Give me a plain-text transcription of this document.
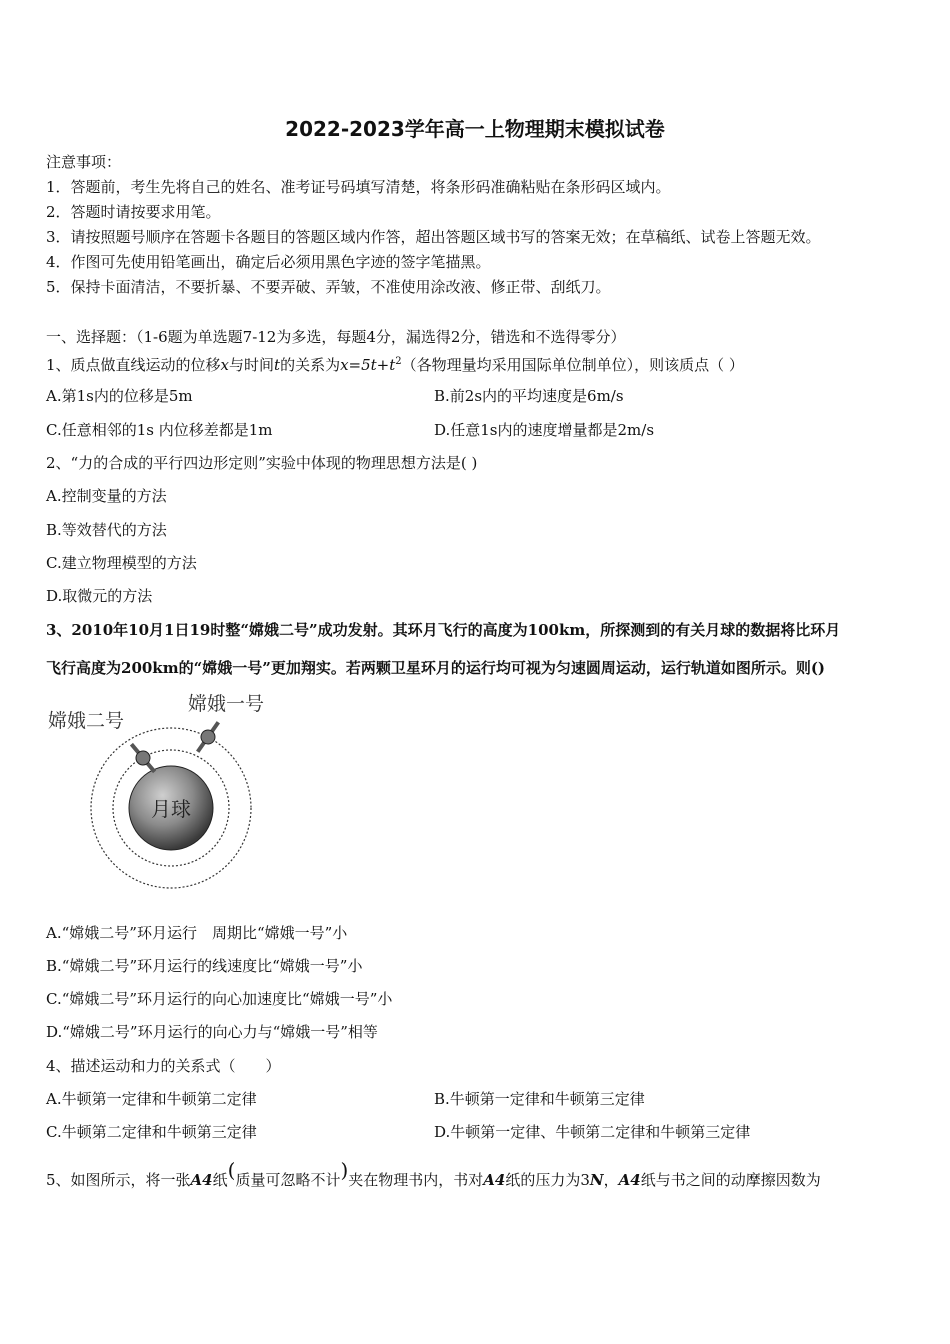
2022-2023学年高一上物理期末模拟试卷
注意事项：
1．答题前，考生先将自己的姓名、准考证号码填写清楚，将条形码准确粘贴在条形码区域内。
2．答题时请按要求用笔。
3．请按照题号顺序在答题卡各题目的答题区域内作答，超出答题区域书写的答案无效；在草稿纸、试卷上答题无效。
4．作图可先使用铅笔画出，确定后必须用黑色字迹的签字笔描黑。
5．保持卡面清洁，不要折暴、不要弄破、弄皱，不准使用涂改液、修正带、刮纸刀。
一、选择题：（1-6题为单选题7-12为多选，每题4分，漏选得2分，错选和不选得零分）
1、质点做直线运动的位移x与时间t的关系为$x=5t+t^2$（各物理量均采用国际单位制单位），则该质点（ ）
A.第1s内的位移是5m	B.前2s内的平均速度是6m/s
C.任意相邻的1s 内位移差都是1m	D.任意1s内的速度增量都是2m/s
2、“力的合成的平行四边形定则”实验中体现的物理思想方法是( )
A.控制变量的方法
B.等效替代的方法
C.建立物理模型的方法
D.取微元的方法
3、2010年10月1日19时整“嫦娥二号”成功发射。其环月飞行的高度为100km，所探测到的有关月球的数据将比环月
飞行高度为200km的“嫦娥一号”更加翔实。若两颗卫星环月的运行均可视为匀速圆周运动，运行轨道如图所示。则()
月球
嫦娥二号
嫦娥一号
A.“嫦娥二号”环月运行　周期比“嫦娥一号”小
B.“嫦娥二号”环月运行的线速度比“嫦娥一号”小
C.“嫦娥二号”环月运行的向心加速度比“嫦娥一号”小
D.“嫦娥二号”环月运行的向心力与“嫦娥一号”相等
4、描述运动和力的关系式（　　）
A.牛顿第一定律和牛顿第二定律	B.牛顿第一定律和牛顿第三定律
C.牛顿第二定律和牛顿第三定律	D.牛顿第一定律、牛顿第二定律和牛顿第三定律
5、如图所示，将一张A4纸(质量可忽略不计)夹在物理书内，书对A4纸的压力为3N，A4纸与书之间的动摩擦因数为
